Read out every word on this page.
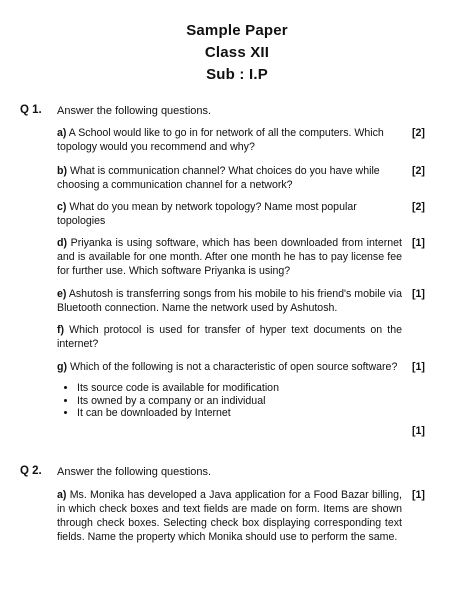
Sample Paper
Class XII
Sub : I.P
Q 1. Answer the following questions.
a) A School would like to go in for network of all the computers. Which topology would you recommend and why?
[2]
b) What is communication channel? What choices do you have while choosing a communication channel for a network?
[2]
c) What do you mean by network topology? Name most popular topologies
[2]
d) Priyanka is using software, which has been downloaded from internet and is available for one month. After one month he has to pay license fee for further use. Which software Priyanka is using?
[1]
e) Ashutosh is transferring songs from his mobile to his friend's mobile via Bluetooth connection. Name the network used by Ashutosh.
[1]
f) Which protocol is used for transfer of hyper text documents on the internet?
g) Which of the following is not a characteristic of open source software?	[1]
• Its source code is available for modification
• Its owned by a company or an individual
• It can be downloaded by Internet
[1]
Q 2. Answer the following questions.
a) Ms. Monika has developed a Java application for a Food Bazar billing, in which check boxes and text fields are made on form. Items are shown through check boxes. Selecting check box displaying corresponding text fields. Name the property which Monika should use to perform the same.
[1]
